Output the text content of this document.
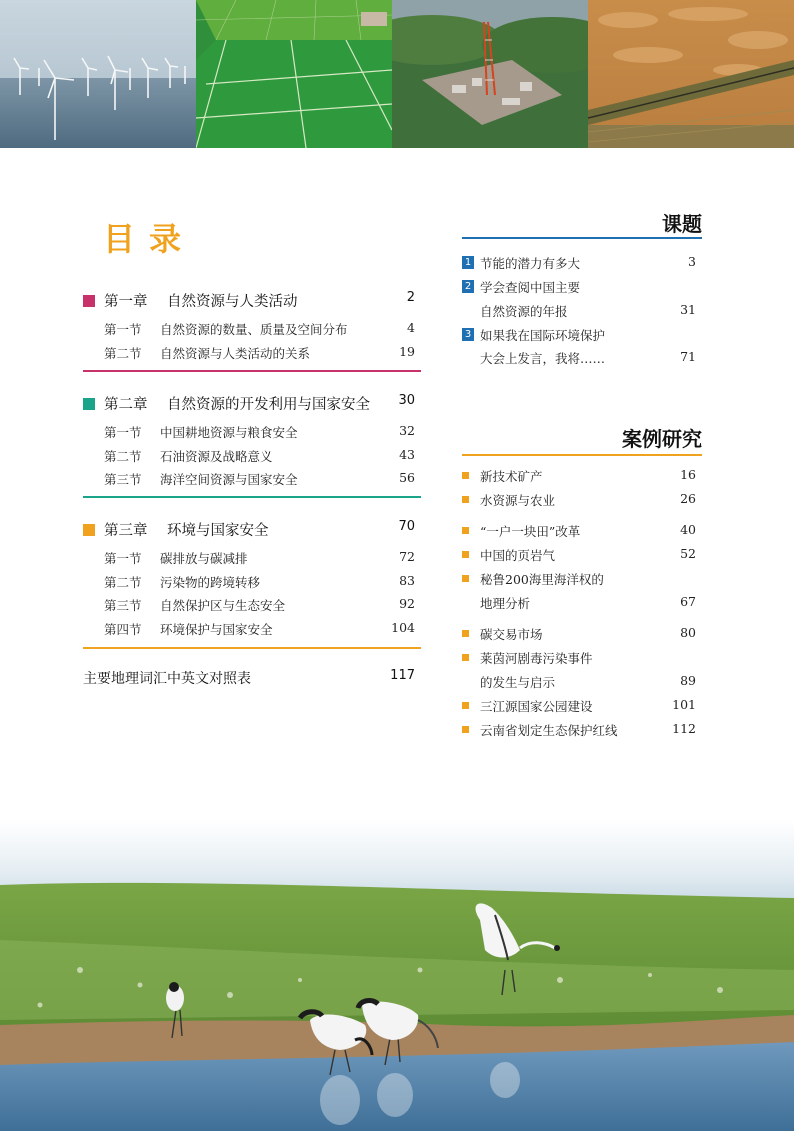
目录
第一章 自然资源与人类活动	2
第一节 自然资源的数量、质量及空间分布	4
第二节 自然资源与人类活动的关系	19
第二章 自然资源的开发利用与国家安全 30
第一节 中国耕地资源与粮食安全	32
第二节 石油资源及战略意义	43
第三节 海洋空间资源与国家安全	56
第三章 环境与国家安全	70
第一节 碳排放与碳减排	72
第二节 污染物的跨境转移	83
第三节 自然保护区与生态安全	92
第四节 环境保护与国家安全	104
主要地理词汇中英文对照表	117
课题
1 节能的潜力有多大	3
2 学会查阅中国主要
自然资源的年报	31
3 如果我在国际环境保护
大会上发言，我将……	71
案例研究
新技术矿产	16
水资源与农业	26
“一户一块田”改革	40
中国的页岩气	52
秘鲁200海里海洋权的
地理分析	67
碳交易市场	80
莱茵河剧毒污染事件
的发生与启示	89
三江源国家公园建设	101
云南省划定生态保护红线	112
